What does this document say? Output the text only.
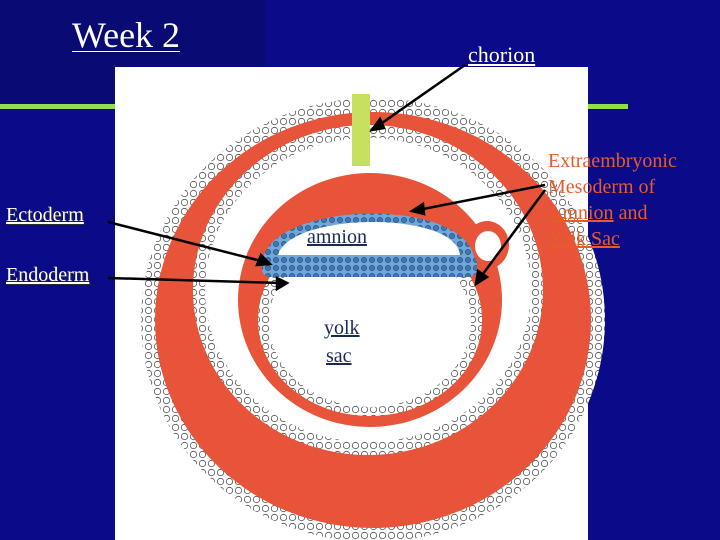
Week 2	chorion
Ectoderm
Endoderm
amnion
yolk
sac
Extraembryonic
Mesoderm of
Amnion and
Yolk Sac
